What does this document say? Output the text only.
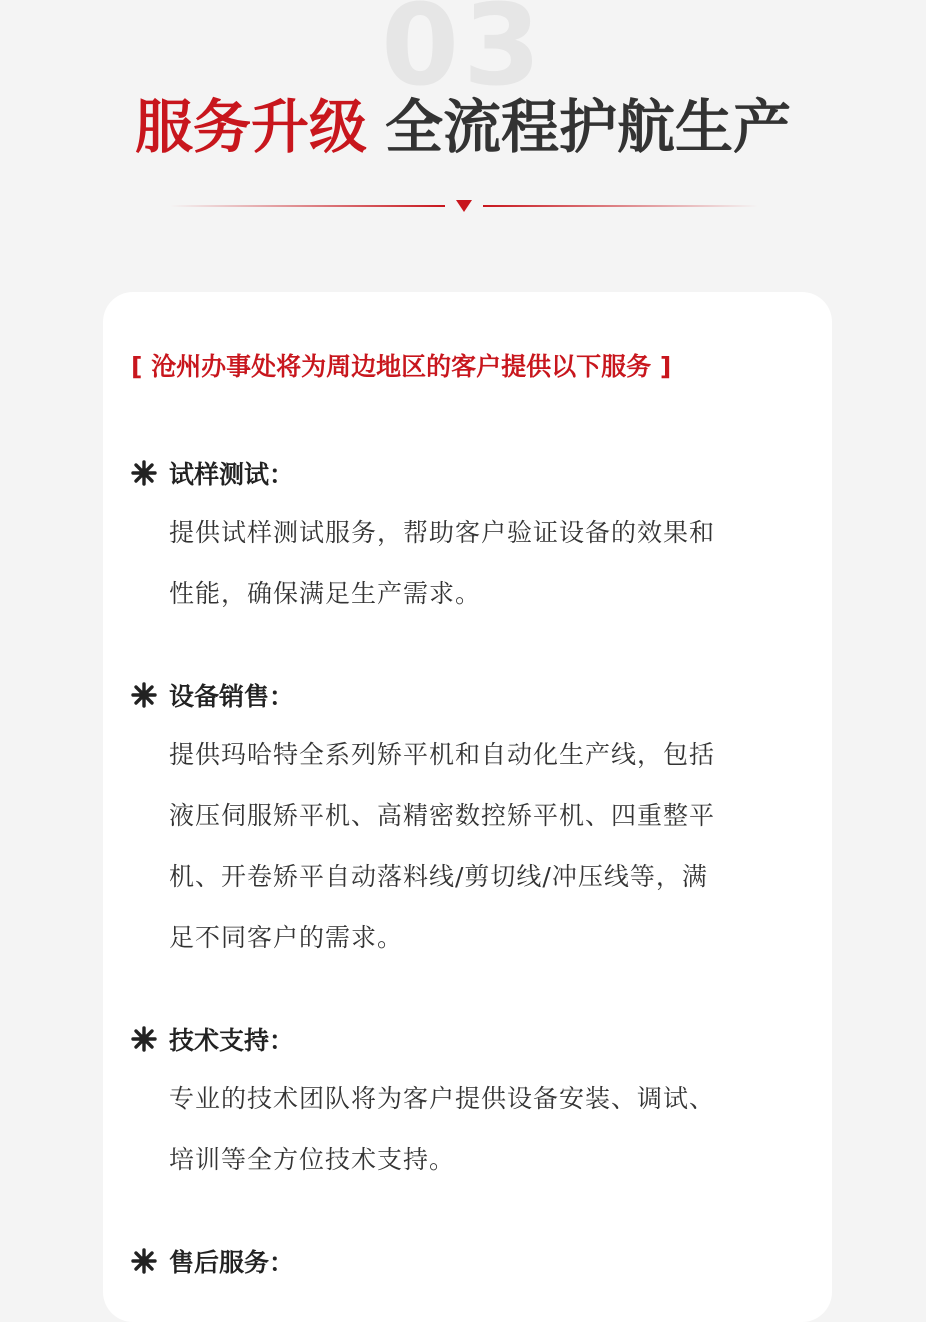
03
服务升级 全流程护航生产
[ 沧州办事处将为周边地区的客户提供以下服务 ]
试样测试：
提供试样测试服务，帮助客户验证设备的效果和
性能，确保满足生产需求。
设备销售：
提供玛哈特全系列矫平机和自动化生产线，包括
液压伺服矫平机、高精密数控矫平机、四重整平
机、开卷矫平自动落料线/剪切线/冲压线等，满
足不同客户的需求。
技术支持：
专业的技术团队将为客户提供设备安装、调试、
培训等全方位技术支持。
售后服务：
